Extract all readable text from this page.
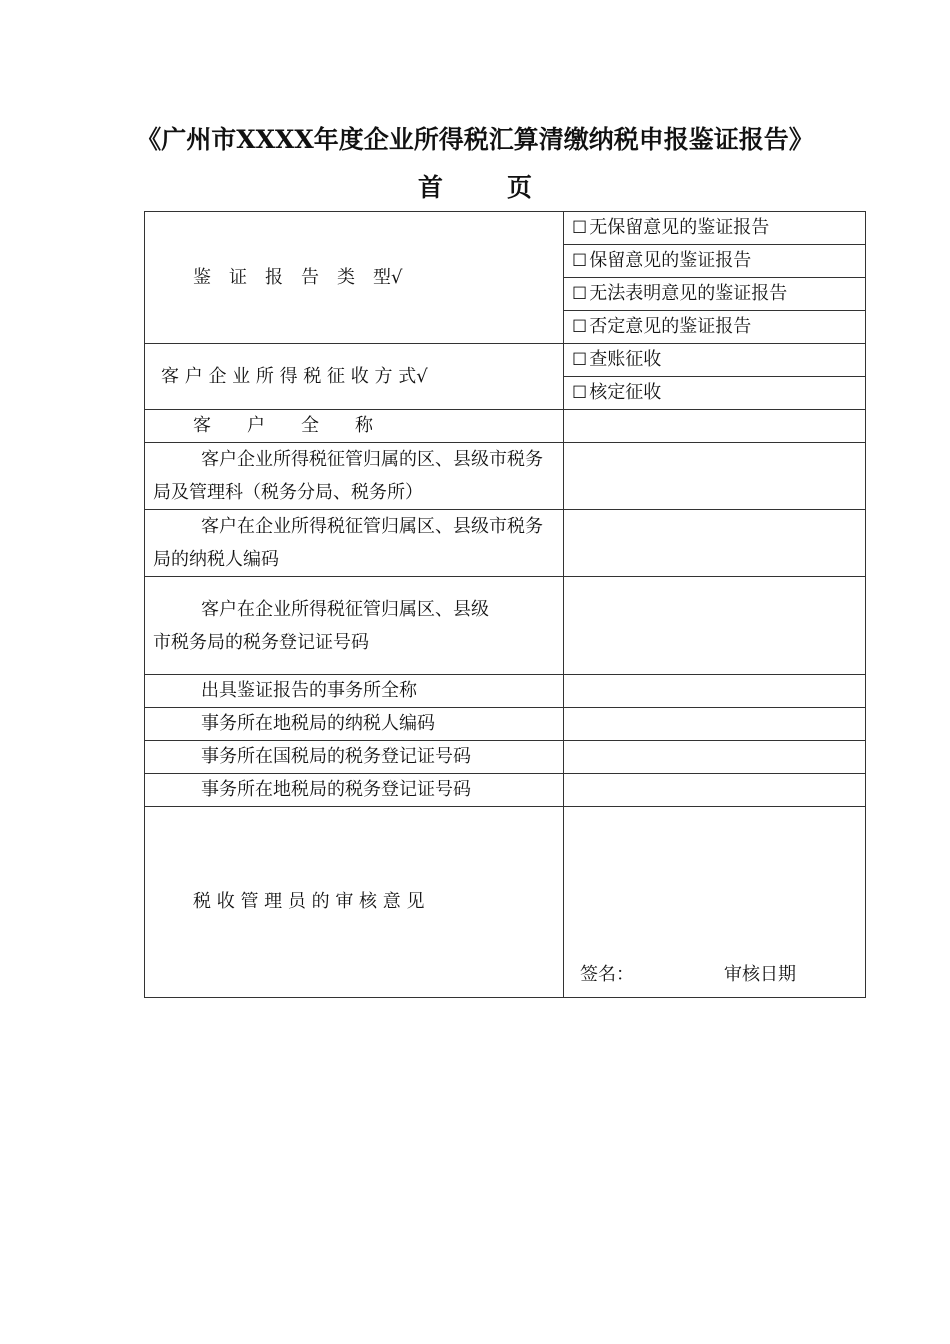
《广州市XXXX年度企业所得税汇算清缴纳税申报鉴证报告》
首	页
鉴　证　报　告　类　型√	☐ 无保留意见的鉴证报告
	☐ 保留意见的鉴证报告
	☐ 无法表明意见的鉴证报告
	☐ 否定意见的鉴证报告
客 户 企 业 所 得 税 征 收 方 式√	☐ 查账征收
	☐ 核定征收
客　　户　　全　　称	
客户企业所得税征管归属的区、县级市税务局及管理科（税务分局、税务所）	
客户在企业所得税征管归属区、县级市税务局的纳税人编码	
客户在企业所得税征管归属区、县级
市税务局的税务登记证号码	
出具鉴证报告的事务所全称	
事务所在地税局的纳税人编码	
事务所在国税局的税务登记证号码	
事务所在地税局的税务登记证号码	
税 收 管 理 员 的 审 核 意 见	签名： 审核日期
